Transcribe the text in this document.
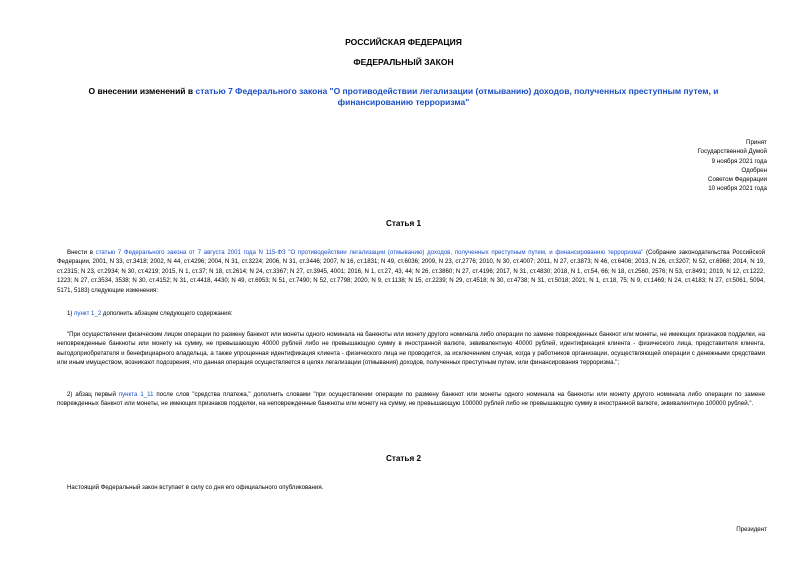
РОССИЙСКАЯ ФЕДЕРАЦИЯ
ФЕДЕРАЛЬНЫЙ ЗАКОН
О внесении изменений в статью 7 Федерального закона "О противодействии легализации (отмыванию) доходов, полученных преступным путем, и финансированию терроризма"
Принят
Государственной Думой
9 ноября 2021 года
Одобрен
Советом Федерации
10 ноября 2021 года
Статья 1
Внести в статью 7 Федерального закона от 7 августа 2001 года N 115-ФЗ "О противодействии легализации (отмыванию) доходов, полученных преступным путем, и финансированию терроризма" (Собрание законодательства Российской Федерации, 2001, N 33, ст.3418; 2002, N 44, ст.4296; 2004, N 31, ст.3224; 2006, N 31, ст.3446; 2007, N 16, ст.1831; N 49, ст.6036; 2009, N 23, ст.2776; 2010, N 30, ст.4007; 2011, N 27, ст.3873; N 46, ст.6406; 2013, N 26, ст.3207; N 52, ст.6968; 2014, N 19, ст.2315; N 23, ст.2934; N 30, ст.4219; 2015, N 1, ст.37; N 18, ст.2614; N 24, ст.3367; N 27, ст.3945, 4001; 2016, N 1, ст.27, 43, 44; N 26, ст.3860; N 27, ст.4196; 2017, N 31, ст.4830; 2018, N 1, ст.54, 66; N 18, ст.2560, 2576; N 53, ст.8491; 2019, N 12, ст.1222, 1223; N 27, ст.3534, 3538; N 30, ст.4152; N 31, ст.4418, 4430; N 49, ст.6953; N 51, ст.7490; N 52, ст.7798; 2020, N 9, ст.1138; N 15, ст.2239; N 29, ст.4518; N 30, ст.4738; N 31, ст.5018; 2021, N 1, ст.18, 75; N 9, ст.1469; N 24, ст.4183; N 27, ст.5061, 5094, 5171, 5183) следующие изменения:
1) пункт 1_2 дополнить абзацем следующего содержания:
"При осуществлении физическим лицом операции по размену банкнот или монеты одного номинала на банкноты или монету другого номинала либо операции по замене поврежденных банкнот или монеты, не имеющих признаков подделки, на неповрежденные банкноты или монету на сумму, не превышающую 40000 рублей либо не превышающую сумму в иностранной валюте, эквивалентную 40000 рублей, идентификация клиента - физического лица, представителя клиента, выгодоприобретателя и бенефициарного владельца, а также упрощенная идентификация клиента - физического лица не проводится, за исключением случая, когда у работников организации, осуществляющей операции с денежными средствами или иным имуществом, возникают подозрения, что данная операция осуществляется в целях легализации (отмывания) доходов, полученных преступным путем, или финансирования терроризма.";
2) абзац первый пункта 1_11 после слов "средства платежа," дополнить словами "при осуществлении операции по размену банкнот или монеты одного номинала на банкноты или монету другого номинала либо операции по замене поврежденных банкнот или монеты, не имеющих признаков подделки, на неповрежденные банкноты или монету на сумму, не превышающую 100000 рублей либо не превышающую сумму в иностранной валюте, эквивалентную 100000 рублей,".
Статья 2
Настоящий Федеральный закон вступает в силу со дня его официального опубликования.
Президент
